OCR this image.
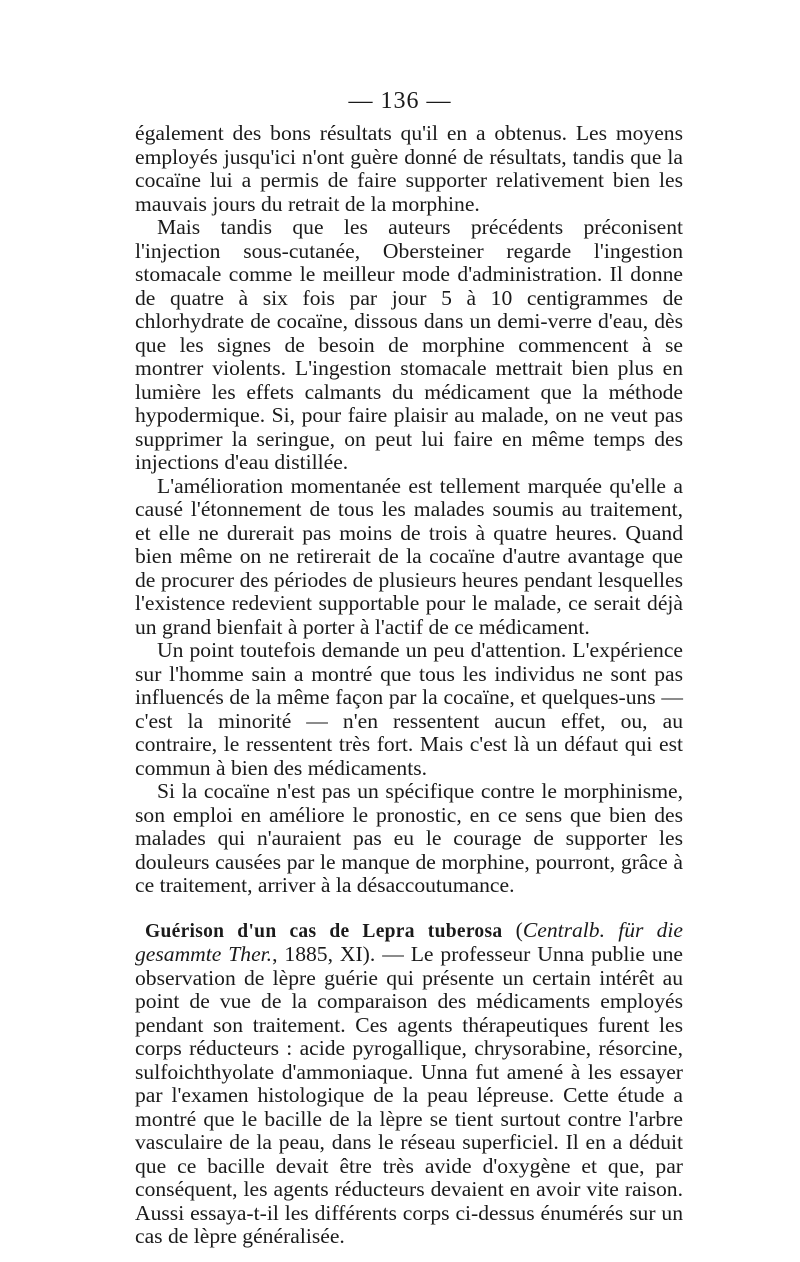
— 136 —

également des bons résultats qu'il en a obtenus. Les moyens employés jusqu'ici n'ont guère donné de résultats, tandis que la cocaïne lui a permis de faire supporter relativement bien les mauvais jours du retrait de la morphine.

Mais tandis que les auteurs précédents préconisent l'injection sous-cutanée, Obersteiner regarde l'ingestion stomacale comme le meilleur mode d'administration. Il donne de quatre à six fois par jour 5 à 10 centigrammes de chlorhydrate de cocaïne, dissous dans un demi-verre d'eau, dès que les signes de besoin de morphine commencent à se montrer violents. L'ingestion stomacale mettrait bien plus en lumière les effets calmants du médicament que la méthode hypodermique. Si, pour faire plaisir au malade, on ne veut pas supprimer la seringue, on peut lui faire en même temps des injections d'eau distillée.

L'amélioration momentanée est tellement marquée qu'elle a causé l'étonnement de tous les malades soumis au traitement, et elle ne durerait pas moins de trois à quatre heures. Quand bien même on ne retirerait de la cocaïne d'autre avantage que de procurer des périodes de plusieurs heures pendant lesquelles l'existence redevient supportable pour le malade, ce serait déjà un grand bienfait à porter à l'actif de ce médicament.

Un point toutefois demande un peu d'attention. L'expérience sur l'homme sain a montré que tous les individus ne sont pas influencés de la même façon par la cocaïne, et quelques-uns — c'est la minorité — n'en ressentent aucun effet, ou, au contraire, le ressentent très fort. Mais c'est là un défaut qui est commun à bien des médicaments.

Si la cocaïne n'est pas un spécifique contre le morphinisme, son emploi en améliore le pronostic, en ce sens que bien des malades qui n'auraient pas eu le courage de supporter les douleurs causées par le manque de morphine, pourront, grâce à ce traitement, arriver à la désaccoutumance.

Guérison d'un cas de Lepra tuberosa (Centralb. für die gesammte Ther., 1885, XI). — Le professeur Unna publie une observation de lèpre guérie qui présente un certain intérêt au point de vue de la comparaison des médicaments employés pendant son traitement. Ces agents thérapeutiques furent les corps réducteurs : acide pyrogallique, chrysorabine, résorcine, sulfoichthyolate d'ammoniaque. Unna fut amené à les essayer par l'examen histologique de la peau lépreuse. Cette étude a montré que le bacille de la lèpre se tient surtout contre l'arbre vasculaire de la peau, dans le réseau superficiel. Il en a déduit que ce bacille devait être très avide d'oxygène et que, par conséquent, les agents réducteurs devaient en avoir vite raison. Aussi essaya-t-il les différents corps ci-dessus énumérés sur un cas de lèpre généralisée.
